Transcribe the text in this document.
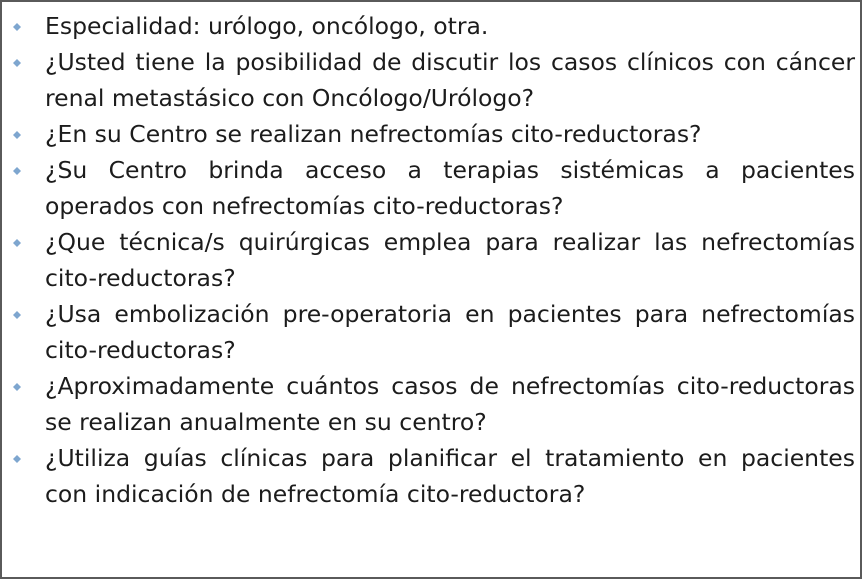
Especialidad: urólogo, oncólogo, otra.
¿Usted tiene la posibilidad de discutir los casos clínicos con cáncer renal metastásico con Oncólogo/Urólogo?
¿En su Centro se realizan nefrectomías cito-reductoras?
¿Su Centro brinda acceso a terapias sistémicas a pacientes operados con nefrectomías cito-reductoras?
¿Que técnica/s quirúrgicas emplea para realizar las nefrectomías cito-reductoras?
¿Usa embolización pre-operatoria en pacientes para nefrectomías cito-reductoras?
¿Aproximadamente cuántos casos de nefrectomías cito-reductoras se realizan anualmente en su centro?
¿Utiliza guías clínicas para planificar el tratamiento en pacientes con indicación de nefrectomía cito-reductora?
